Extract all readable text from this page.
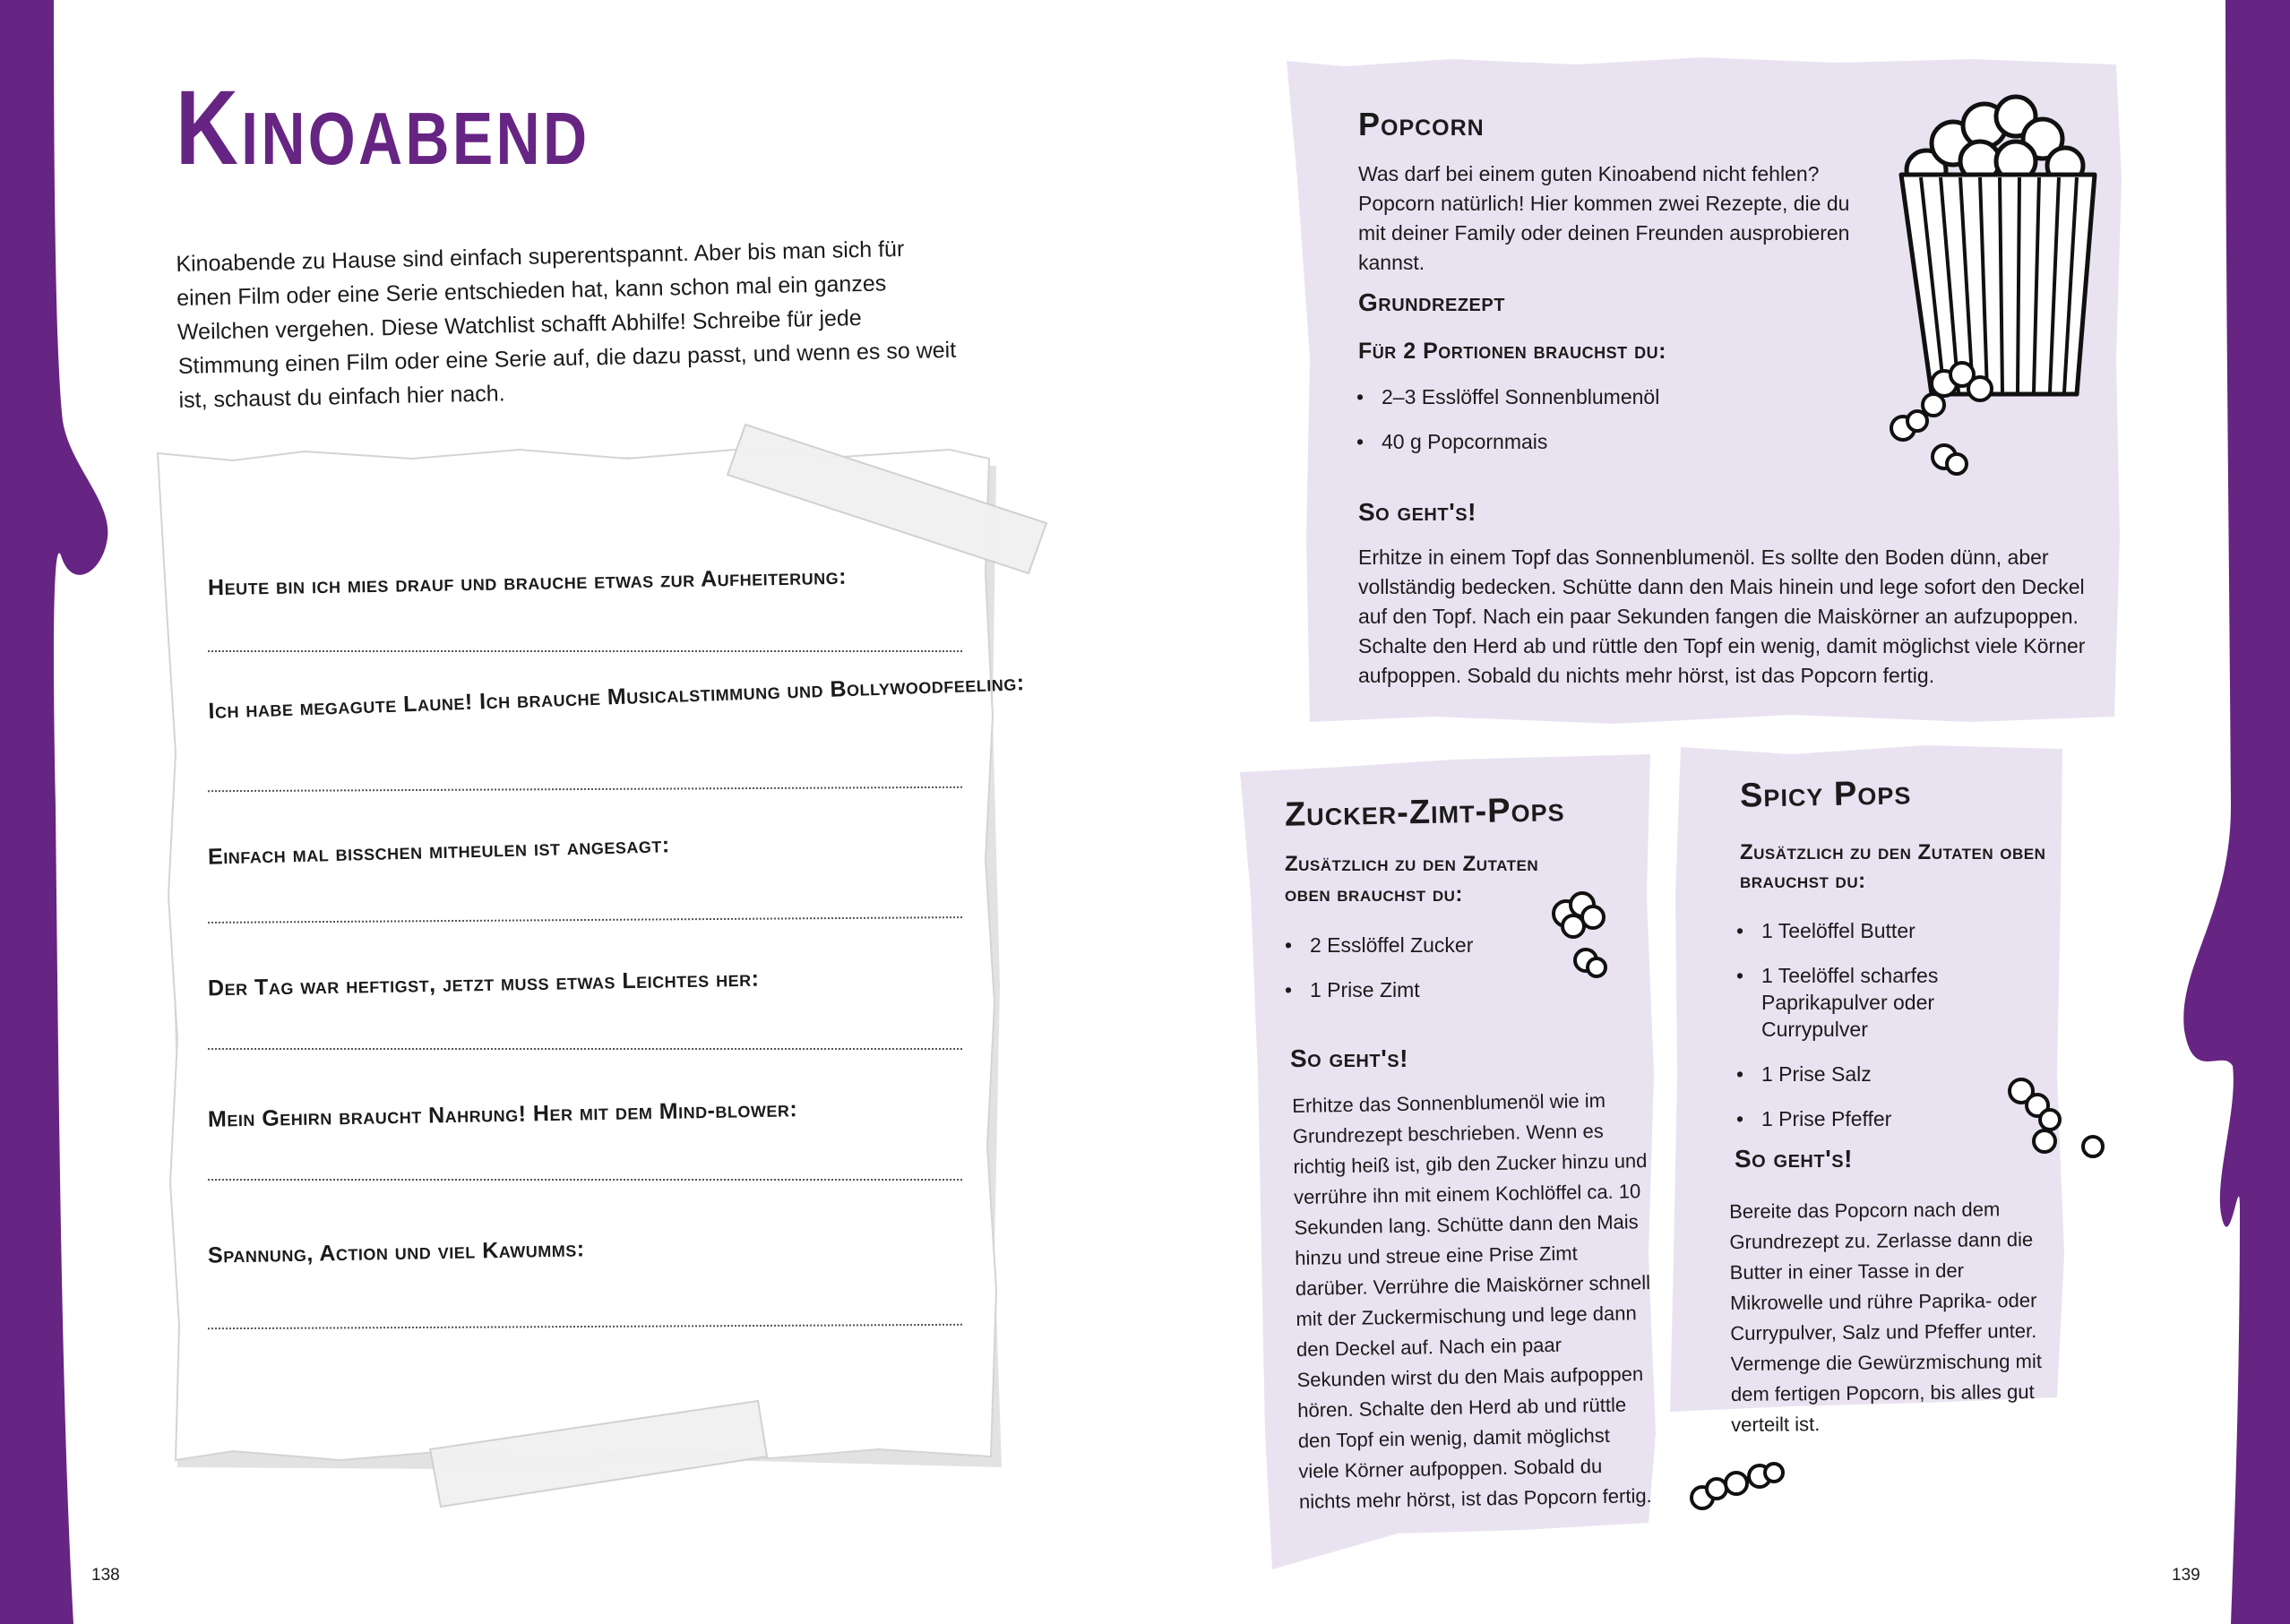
Kinoabend
Kinoabende zu Hause sind einfach superentspannt. Aber bis man sich für einen Film oder eine Serie entschieden hat, kann schon mal ein ganzes Weilchen vergehen. Diese Watchlist schafft Abhilfe! Schreibe für jede Stimmung einen Film oder eine Serie auf, die dazu passt, und wenn es so weit ist, schaust du einfach hier nach.
Heute bin ich mies drauf und brauche etwas zur Aufheiterung:
Ich habe megagute Laune! Ich brauche Musicalstimmung und Bollywoodfeeling:
Einfach mal bisschen mitheulen ist angesagt:
Der Tag war heftigst, jetzt muss etwas Leichtes her:
Mein Gehirn braucht Nahrung! Her mit dem Mind-blower:
Spannung, Action und viel Kawumms:
138
Popcorn
Was darf bei einem guten Kinoabend nicht fehlen? Popcorn natürlich! Hier kommen zwei Rezepte, die du mit deiner Family oder deinen Freunden ausprobieren kannst.
Grundrezept
Für 2 Portionen brauchst du:
• 2–3 Esslöffel Sonnenblumenöl
• 40 g Popcornmais
So geht's!
Erhitze in einem Topf das Sonnenblumenöl. Es sollte den Boden dünn, aber vollständig bedecken. Schütte dann den Mais hinein und lege sofort den Deckel auf den Topf. Nach ein paar Sekunden fangen die Maiskörner an aufzupoppen. Schalte den Herd ab und rüttle den Topf ein wenig, damit möglichst viele Körner aufpoppen. Sobald du nichts mehr hörst, ist das Popcorn fertig.
Zucker-Zimt-Pops
Zusätzlich zu den Zutaten oben brauchst du:
• 2 Esslöffel Zucker
• 1 Prise Zimt
So geht's!
Erhitze das Sonnenblumenöl wie im Grundrezept beschrieben. Wenn es richtig heiß ist, gib den Zucker hinzu und verrühre ihn mit einem Kochlöffel ca. 10 Sekunden lang. Schütte dann den Mais hinzu und streue eine Prise Zimt darüber. Verrühre die Maiskörner schnell mit der Zuckermischung und lege dann den Deckel auf. Nach ein paar Sekunden wirst du den Mais aufpoppen hören. Schalte den Herd ab und rüttle den Topf ein wenig, damit möglichst viele Körner aufpoppen. Sobald du nichts mehr hörst, ist das Popcorn fertig.
Spicy Pops
Zusätzlich zu den Zutaten oben brauchst du:
• 1 Teelöffel Butter
• 1 Teelöffel scharfes Paprikapulver oder Currypulver
• 1 Prise Salz
• 1 Prise Pfeffer
So geht's!
Bereite das Popcorn nach dem Grundrezept zu. Zerlasse dann die Butter in einer Tasse in der Mikrowelle und rühre Paprika- oder Currypulver, Salz und Pfeffer unter. Vermenge die Gewürzmischung mit dem fertigen Popcorn, bis alles gut verteilt ist.
139
